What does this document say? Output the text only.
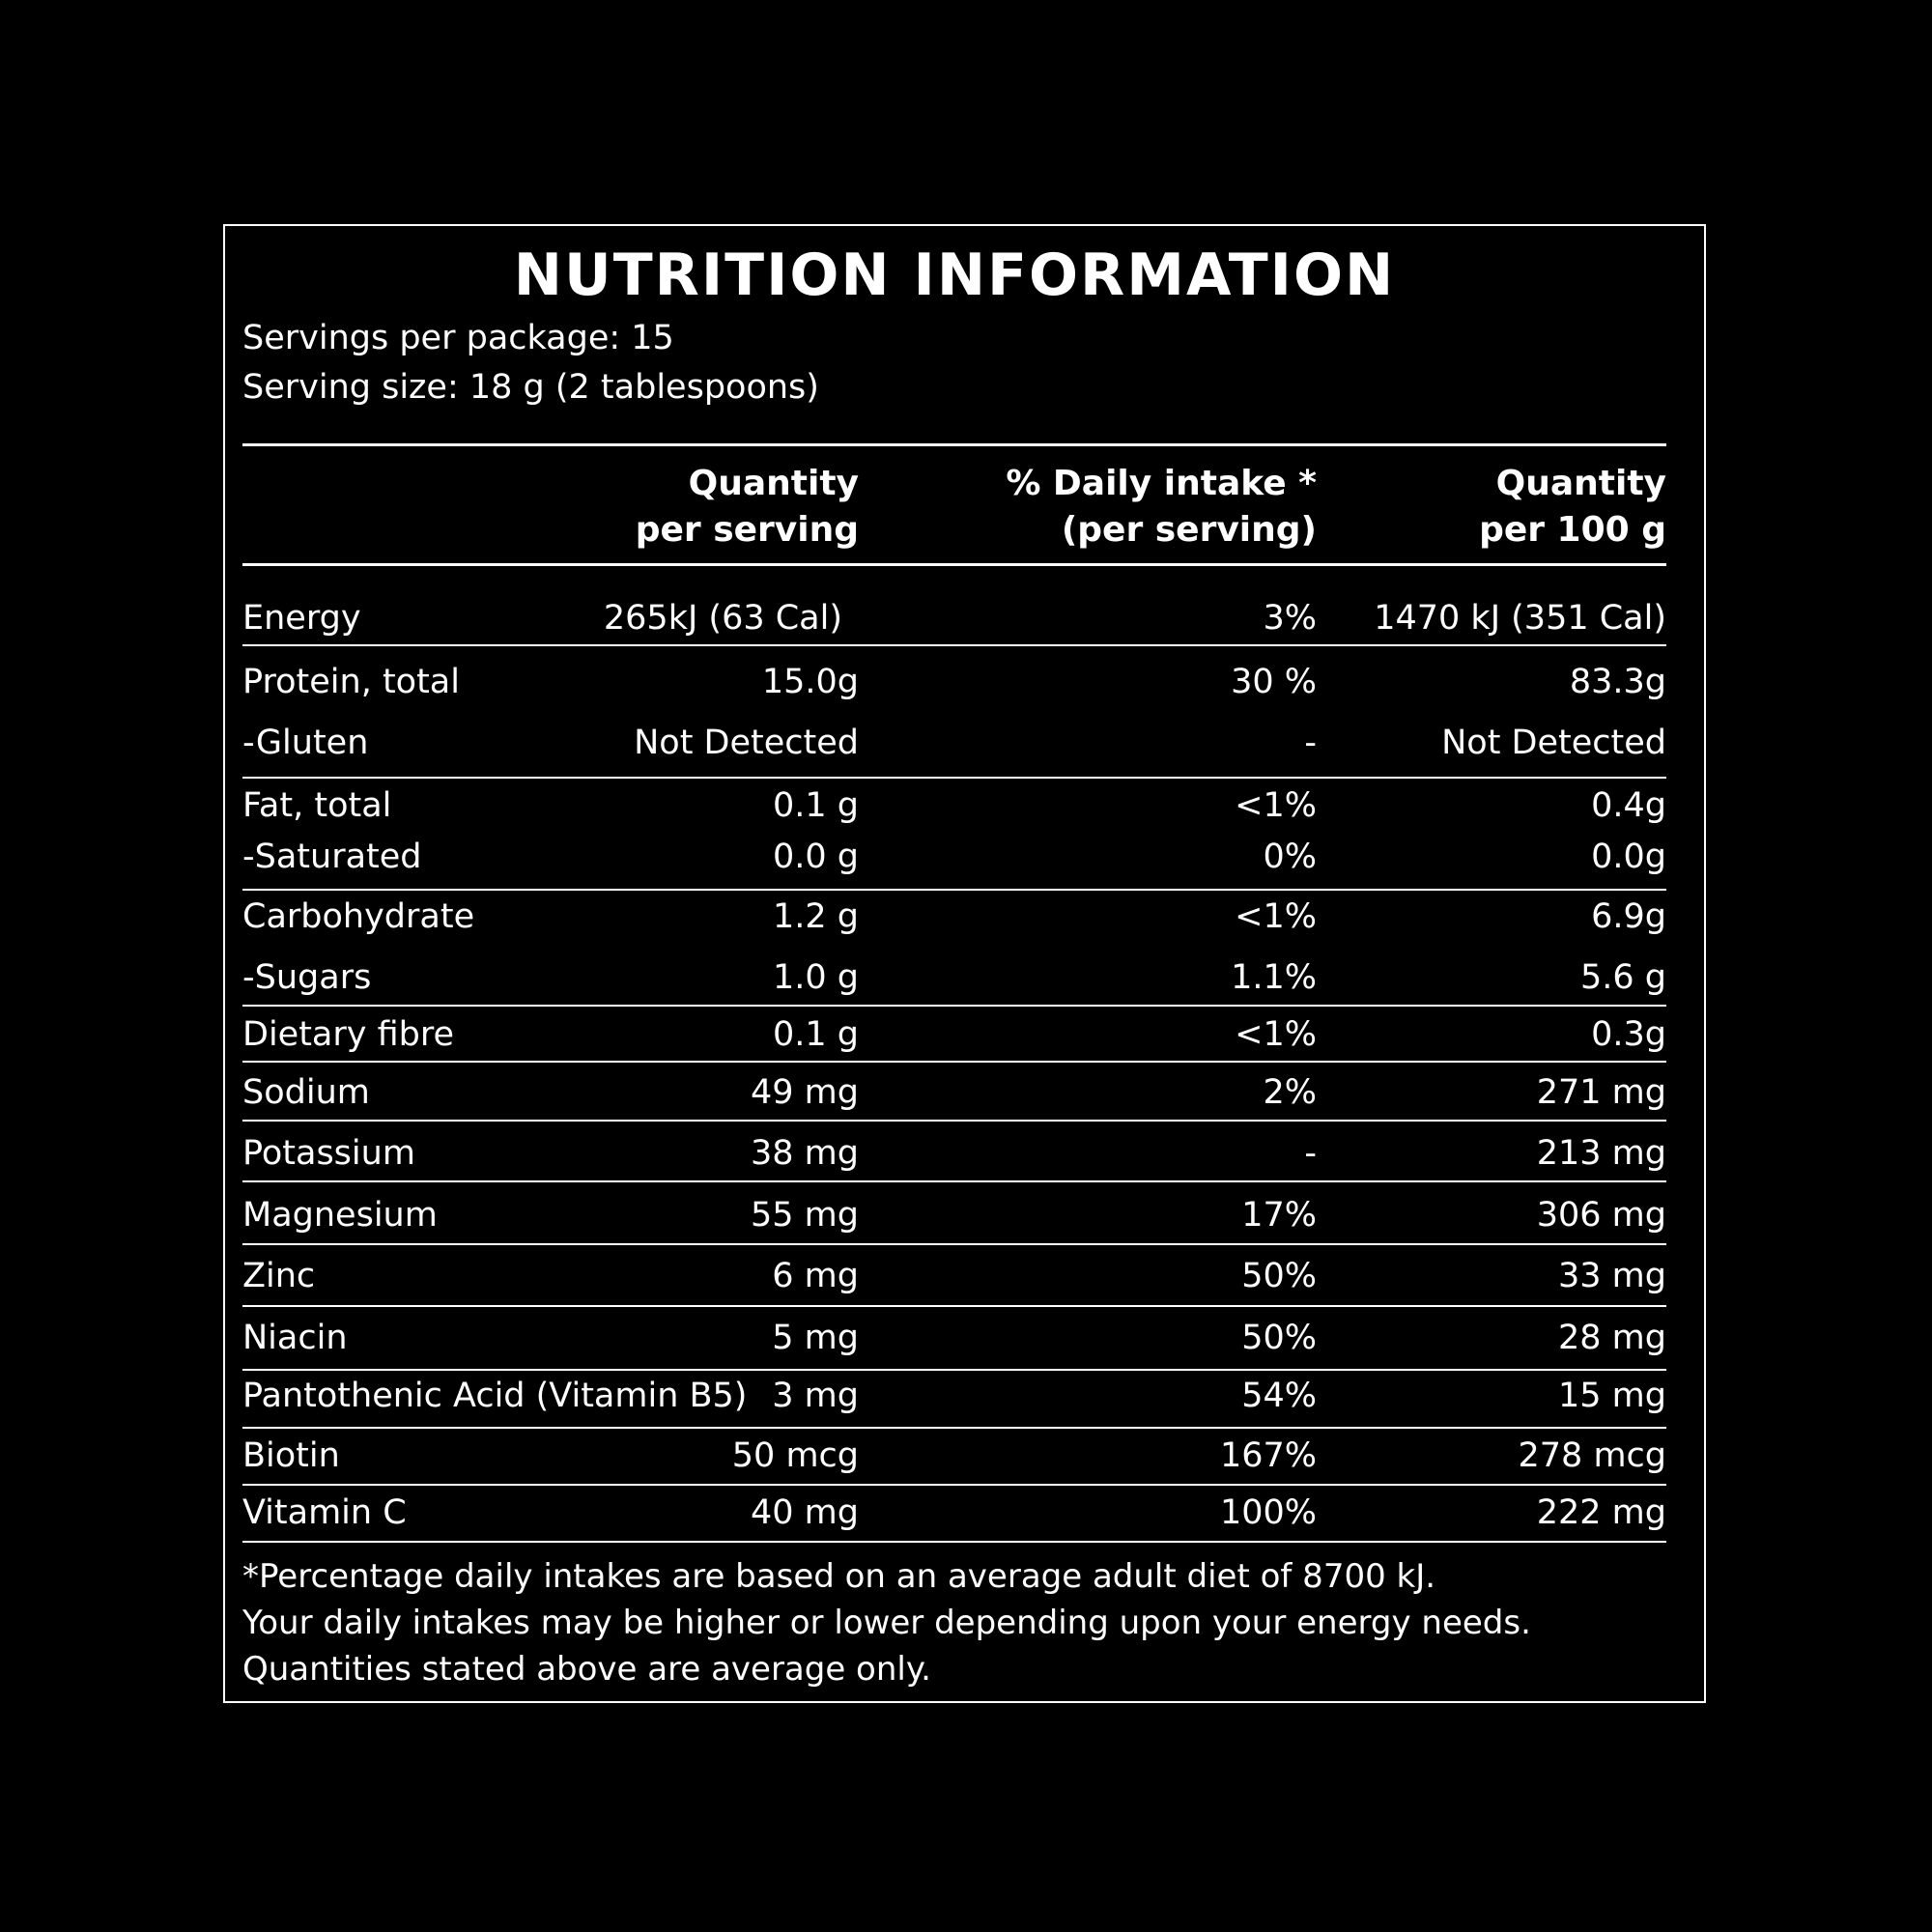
NUTRITION INFORMATION
Servings per package: 15
Serving size: 18 g (2 tablespoons)
Quantity
per serving
% Daily intake *
(per serving)
Quantity
per 100 g
Energy	265kJ (63 Cal)	3% 1470 kJ (351 Cal)
Protein, total	15.0g	30 %	83.3g
-Gluten	Not Detected	-	Not Detected
Fat, total	0.1 g	<1%	0.4g
-Saturated	0.0 g	0%	0.0g
Carbohydrate	1.2 g	<1%	6.9g
-Sugars	1.0 g	1.1%	5.6 g
Dietary fibre	0.1 g	<1%	0.3g
Sodium	49 mg	2%	271 mg
Potassium	38 mg	-	213 mg
Magnesium	55 mg	17%	306 mg
Zinc	6 mg	50%	33 mg
Niacin	5 mg	50%	28 mg
Pantothenic Acid (Vitamin B5) 3 mg	54%	15 mg
Biotin	50 mcg	167%	278 mcg
Vitamin C	40 mg	100%	222 mg
*Percentage daily intakes are based on an average adult diet of 8700 kJ.
Your daily intakes may be higher or lower depending upon your energy needs.
Quantities stated above are average only.
